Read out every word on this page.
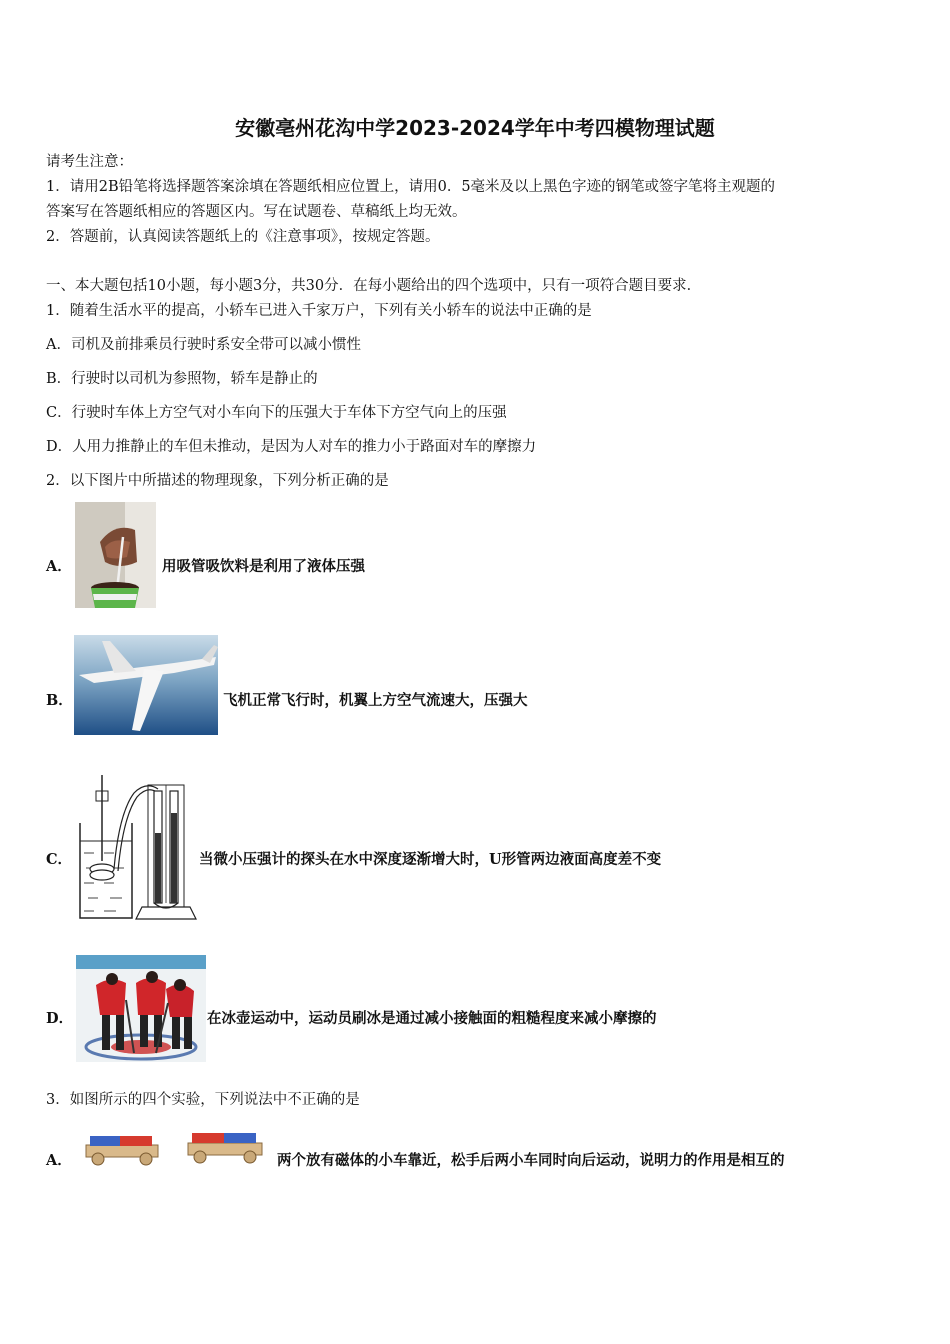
安徽亳州花沟中学2023-2024学年中考四模物理试题
请考生注意：
1．请用2B铅笔将选择题答案涂填在答题纸相应位置上，请用0．5毫米及以上黑色字迹的钢笔或签字笔将主观题的
答案写在答题纸相应的答题区内。写在试题卷、草稿纸上均无效。
2．答题前，认真阅读答题纸上的《注意事项》，按规定答题。
一、本大题包括10小题，每小题3分，共30分．在每小题给出的四个选项中，只有一项符合题目要求．
1．随着生活水平的提高，小轿车已进入千家万户，下列有关小轿车的说法中正确的是
A．司机及前排乘员行驶时系安全带可以减小惯性
B．行驶时以司机为参照物，轿车是静止的
C．行驶时车体上方空气对小车向下的压强大于车体下方空气向上的压强
D．人用力推静止的车但未推动，是因为人对车的推力小于路面对车的摩擦力
2．以下图片中所描述的物理现象，下列分析正确的是
A．	用吸管吸饮料是利用了液体压强
B．	飞机正常飞行时，机翼上方空气流速大，压强大
C．	当微小压强计的探头在水中深度逐渐增大时，U形管两边液面高度差不变
D．	在冰壶运动中，运动员刷冰是通过减小接触面的粗糙程度来减小摩擦的
3．如图所示的四个实验，下列说法中不正确的是
A．	两个放有磁体的小车靠近，松手后两小车同时向后运动，说明力的作用是相互的
